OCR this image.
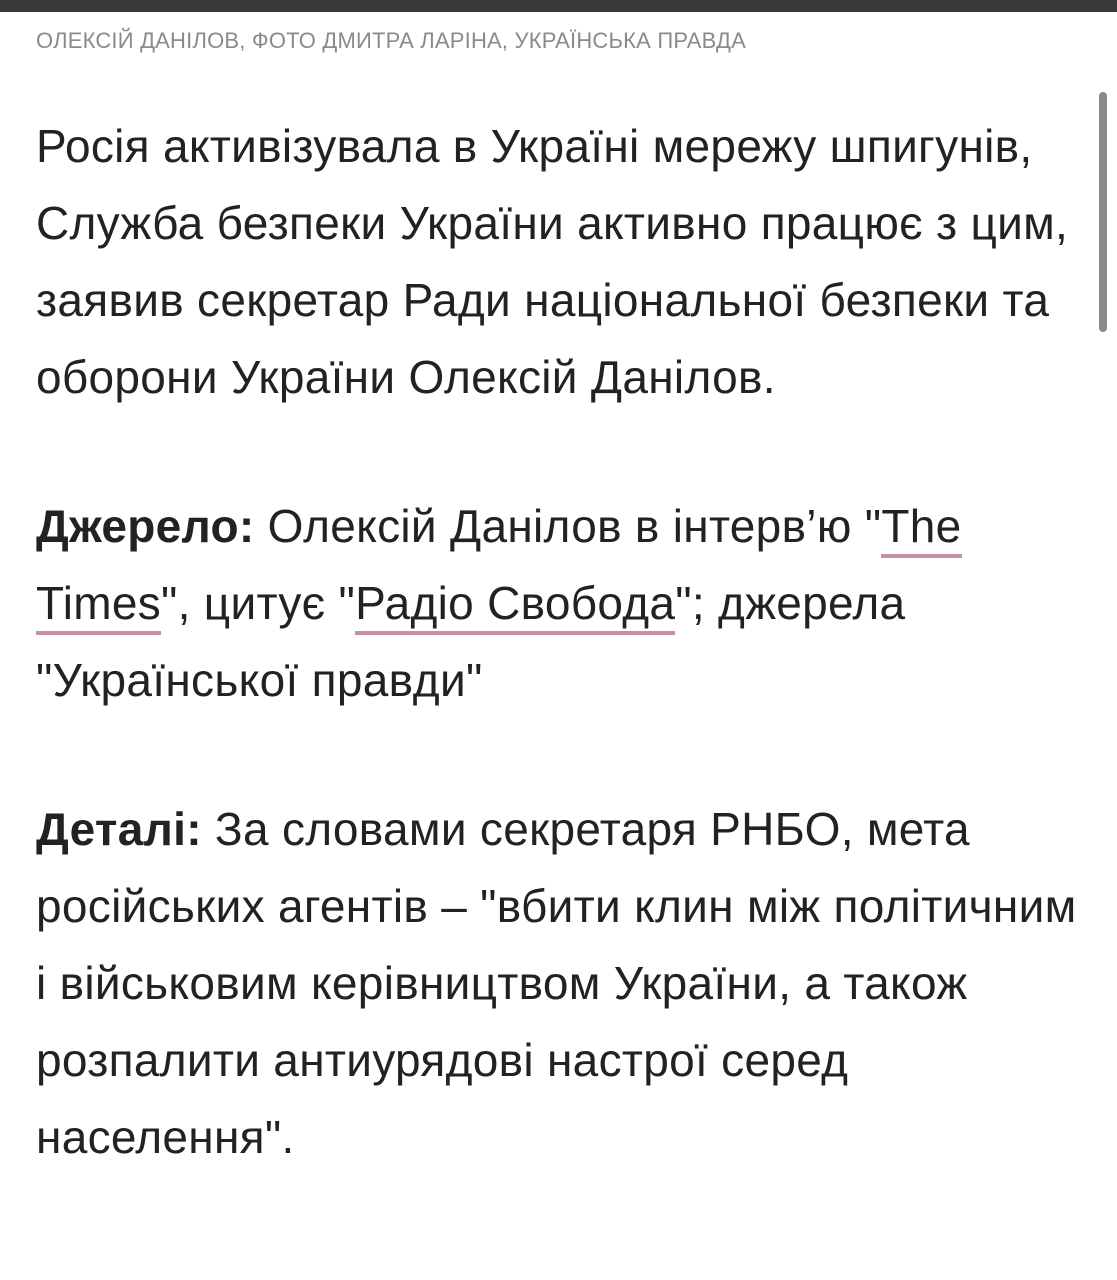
ОЛЕКСІЙ ДАНІЛОВ, ФОТО ДМИТРА ЛАРІНА, УКРАЇНСЬКА ПРАВДА

Росія активізувала в Україні мережу шпигунів, Служба безпеки України активно працює з цим, заявив секретар Ради національної безпеки та оборони України Олексій Данілов.

Джерело: Олексій Данілов в інтерв’ю "The Times", цитує "Радіо Свобода"; джерела "Української правди"

Деталі: За словами секретаря РНБО, мета російських агентів – "вбити клин між політичним і військовим керівництвом України, а також розпалити антиурядові настрої серед населення".
